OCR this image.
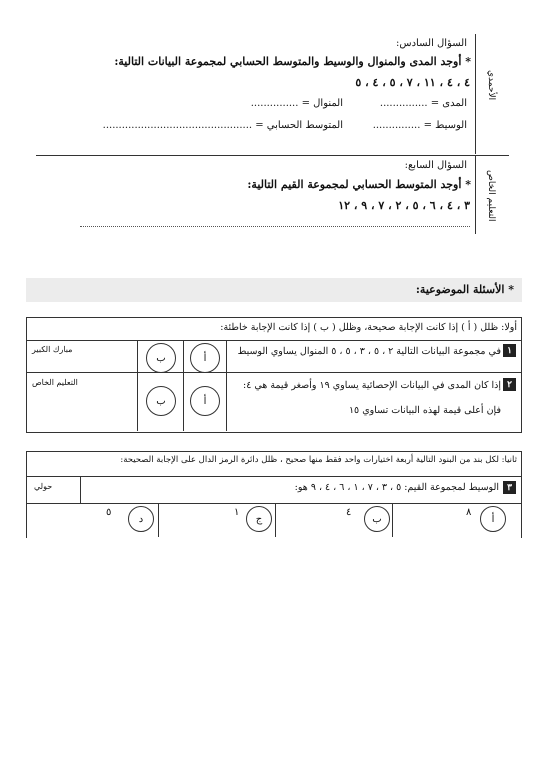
الأحمدي
السؤال السادس:
* أوجد المدى والمنوال والوسيط والمتوسط الحسابي لمجموعة البيانات التالية:
٤ ، ٤ ، ١١ ، ٧ ، ٥ ، ٤ ، ٥
المدى = ...............
المنوال = ...............
الوسيط = ...............
المتوسط الحسابي = ...............................................
التعليم الخاص
السؤال السابع:
* أوجد المتوسط الحسابي لمجموعة القيم التالية:
٣ ، ٤ ، ٦ ، ٥ ، ٢ ، ٧ ، ٩ ، ١٢
* الأسئلة الموضوعية:
أولا: ظلل ( أ ) إذا كانت الإجابة صحيحة، وظلل ( ب ) إذا كانت الإجابة خاطئة:
١
في مجموعة البيانات التالية ٢ ، ٥ ، ٣ ، ٥ ، ٥ المنوال يساوي الوسيط
أ
ب
مبارك الكبير
٢
إذا كان المدى في البيانات الإحصائية يساوي ١٩ وأصغر قيمة هي ٤:
فإن أعلى قيمة لهذه البيانات تساوي ١٥
أ
ب
التعليم الخاص
ثانيا: لكل بند من البنود التالية أربعة اختيارات واحد فقط منها صحيح ، ظلل دائرة الرمز الدال على الإجابة الصحيحة:
٣
الوسيط لمجموعة القيم: ٥ ، ٣ ، ٧ ، ١ ، ٦ ، ٤ ، ٩ هو:
حولي
أ
٨
ب
٤
ج
١
د
٥
